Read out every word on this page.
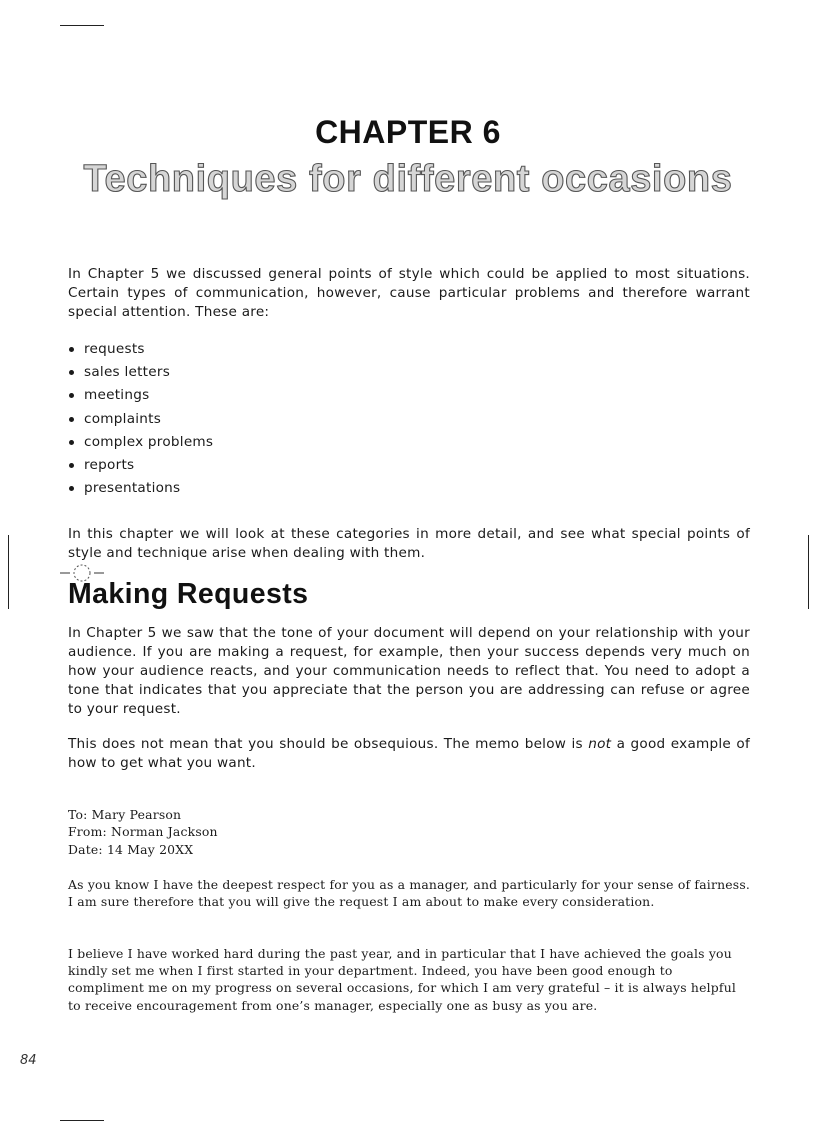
CHAPTER 6
Techniques for different occasions

In Chapter 5 we discussed general points of style which could be applied to most situations. Certain types of communication, however, cause particular problems and therefore warrant special attention. These are:

requests
sales letters
meetings
complaints
complex problems
reports
presentations

In this chapter we will look at these categories in more detail, and see what special points of style and technique arise when dealing with them.

Making Requests

In Chapter 5 we saw that the tone of your document will depend on your relationship with your audience. If you are making a request, for example, then your success depends very much on how your audience reacts, and your communication needs to reflect that. You need to adopt a tone that indicates that you appreciate that the person you are addressing can refuse or agree to your request.

This does not mean that you should be obsequious. The memo below is not a good example of how to get what you want.

To: Mary Pearson
From: Norman Jackson
Date: 14 May 20XX

As you know I have the deepest respect for you as a manager, and particularly for your sense of fairness. I am sure therefore that you will give the request I am about to make every consideration.

I believe I have worked hard during the past year, and in particular that I have achieved the goals you kindly set me when I first started in your department. Indeed, you have been good enough to compliment me on my progress on several occasions, for which I am very grateful – it is always helpful to receive encouragement from one’s manager, especially one as busy as you are.

84
